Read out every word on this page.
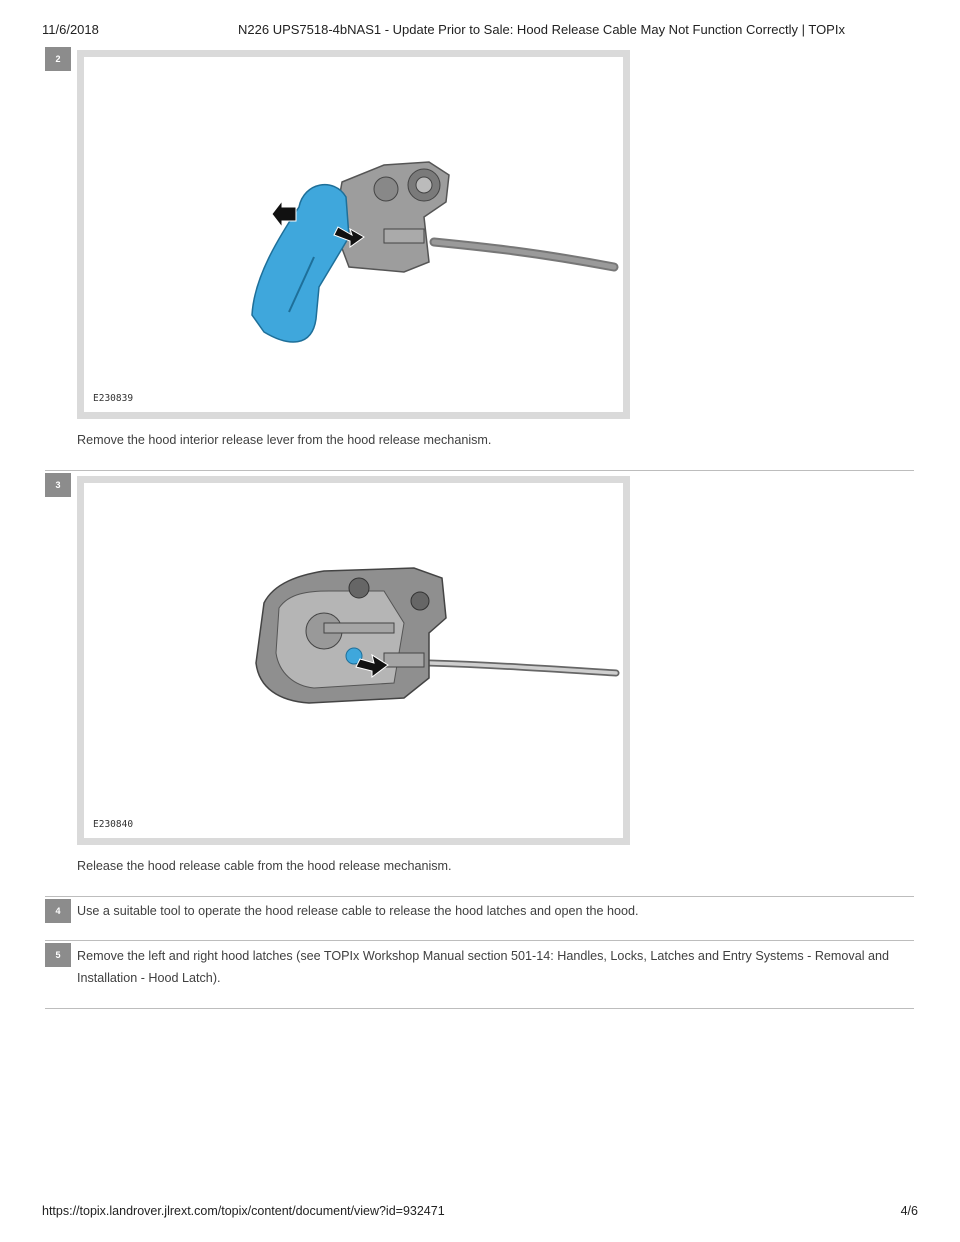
11/6/2018	N226 UPS7518-4bNAS1 - Update Prior to Sale: Hood Release Cable May Not Function Correctly | TOPIx
2
E230839
Remove the hood interior release lever from the hood release mechanism.
3
E230840
Release the hood release cable from the hood release mechanism.
4	Use a suitable tool to operate the hood release cable to release the hood latches and open the hood.
5	Remove the left and right hood latches (see TOPIx Workshop Manual section 501-14: Handles, Locks, Latches and Entry Systems - Removal and Installation - Hood Latch).
https://topix.landrover.jlrext.com/topix/content/document/view?id=932471	4/6
